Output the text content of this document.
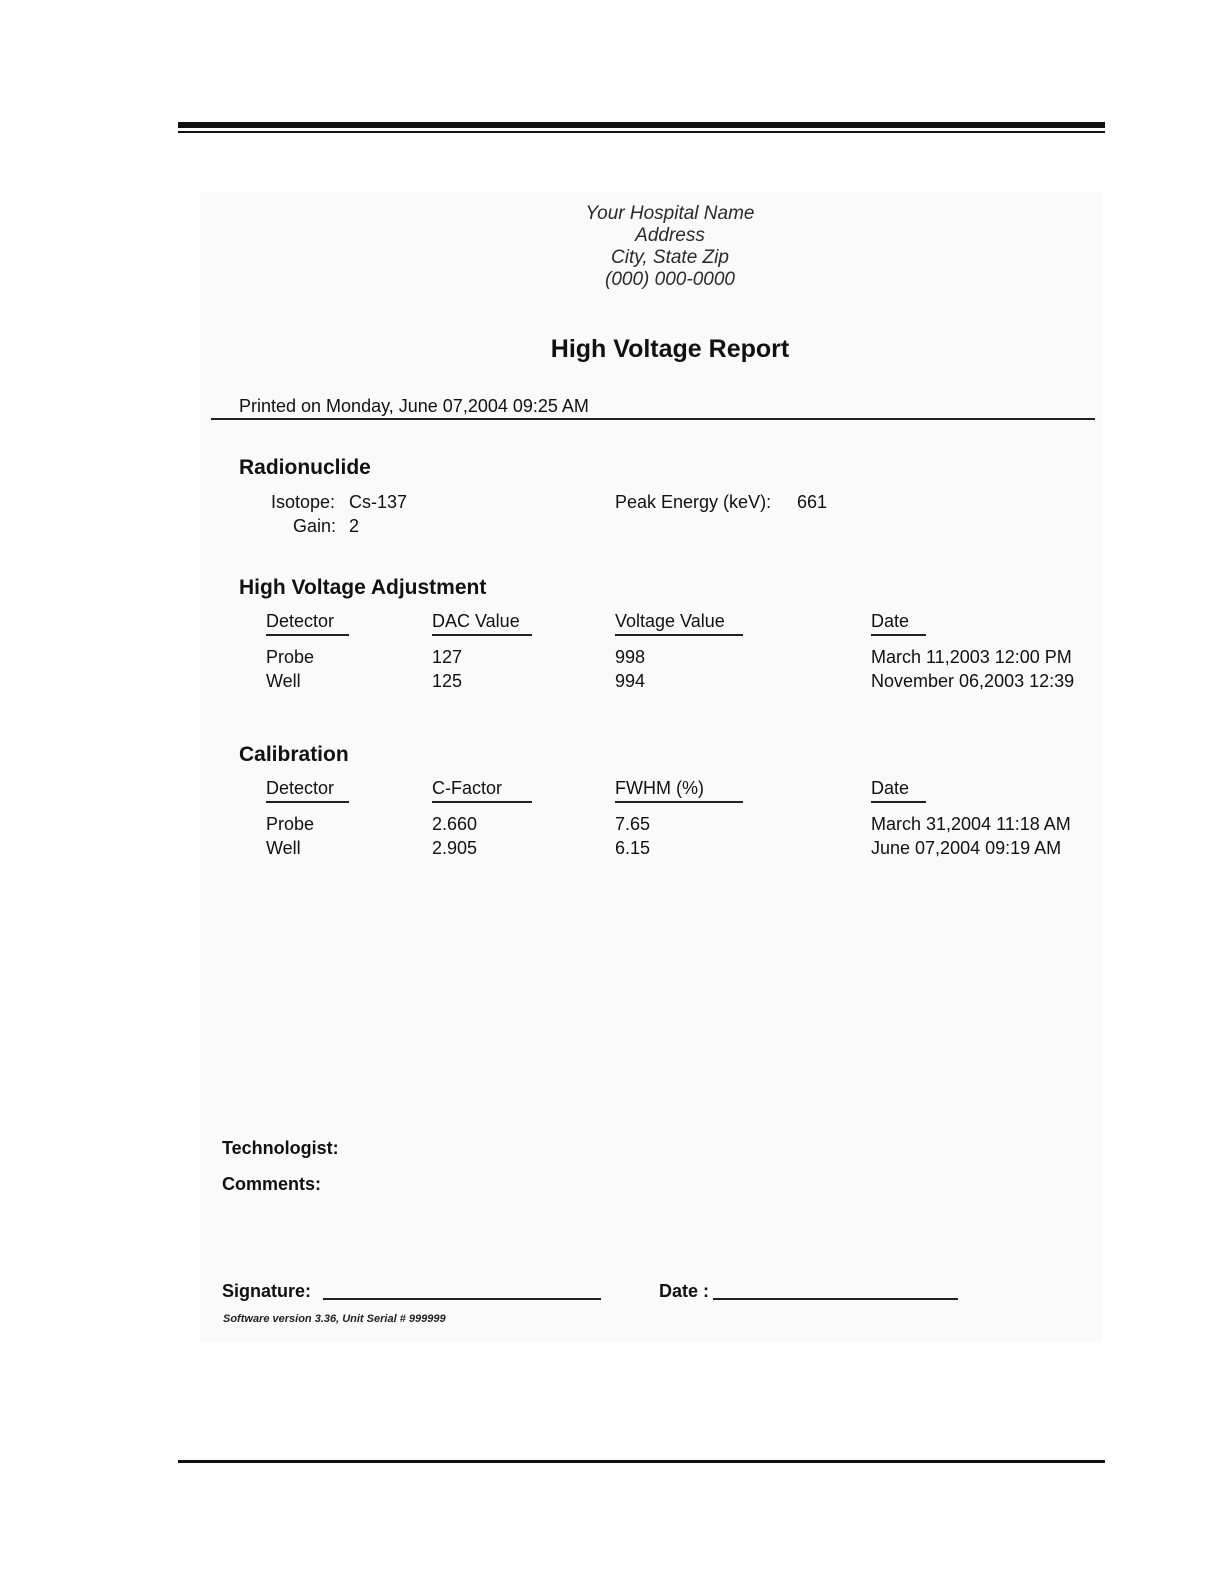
Your Hospital Name
Address
City, State Zip
(000) 000-0000
High Voltage Report
Printed on Monday, June 07,2004 09:25 AM
Radionuclide
Isotope: Cs-137
Gain: 2
Peak Energy (keV): 661
High Voltage Adjustment
Detector	DAC Value	Voltage Value	Date
Probe	127	998	March 11,2003 12:00 PM
Well	125	994	November 06,2003 12:39
Calibration
Detector	C-Factor	FWHM (%)	Date
Probe	2.660	7.65	March 31,2004 11:18 AM
Well	2.905	6.15	June 07,2004 09:19 AM
Technologist:
Comments:
Signature:	Date :
Software version 3.36, Unit Serial # 999999
